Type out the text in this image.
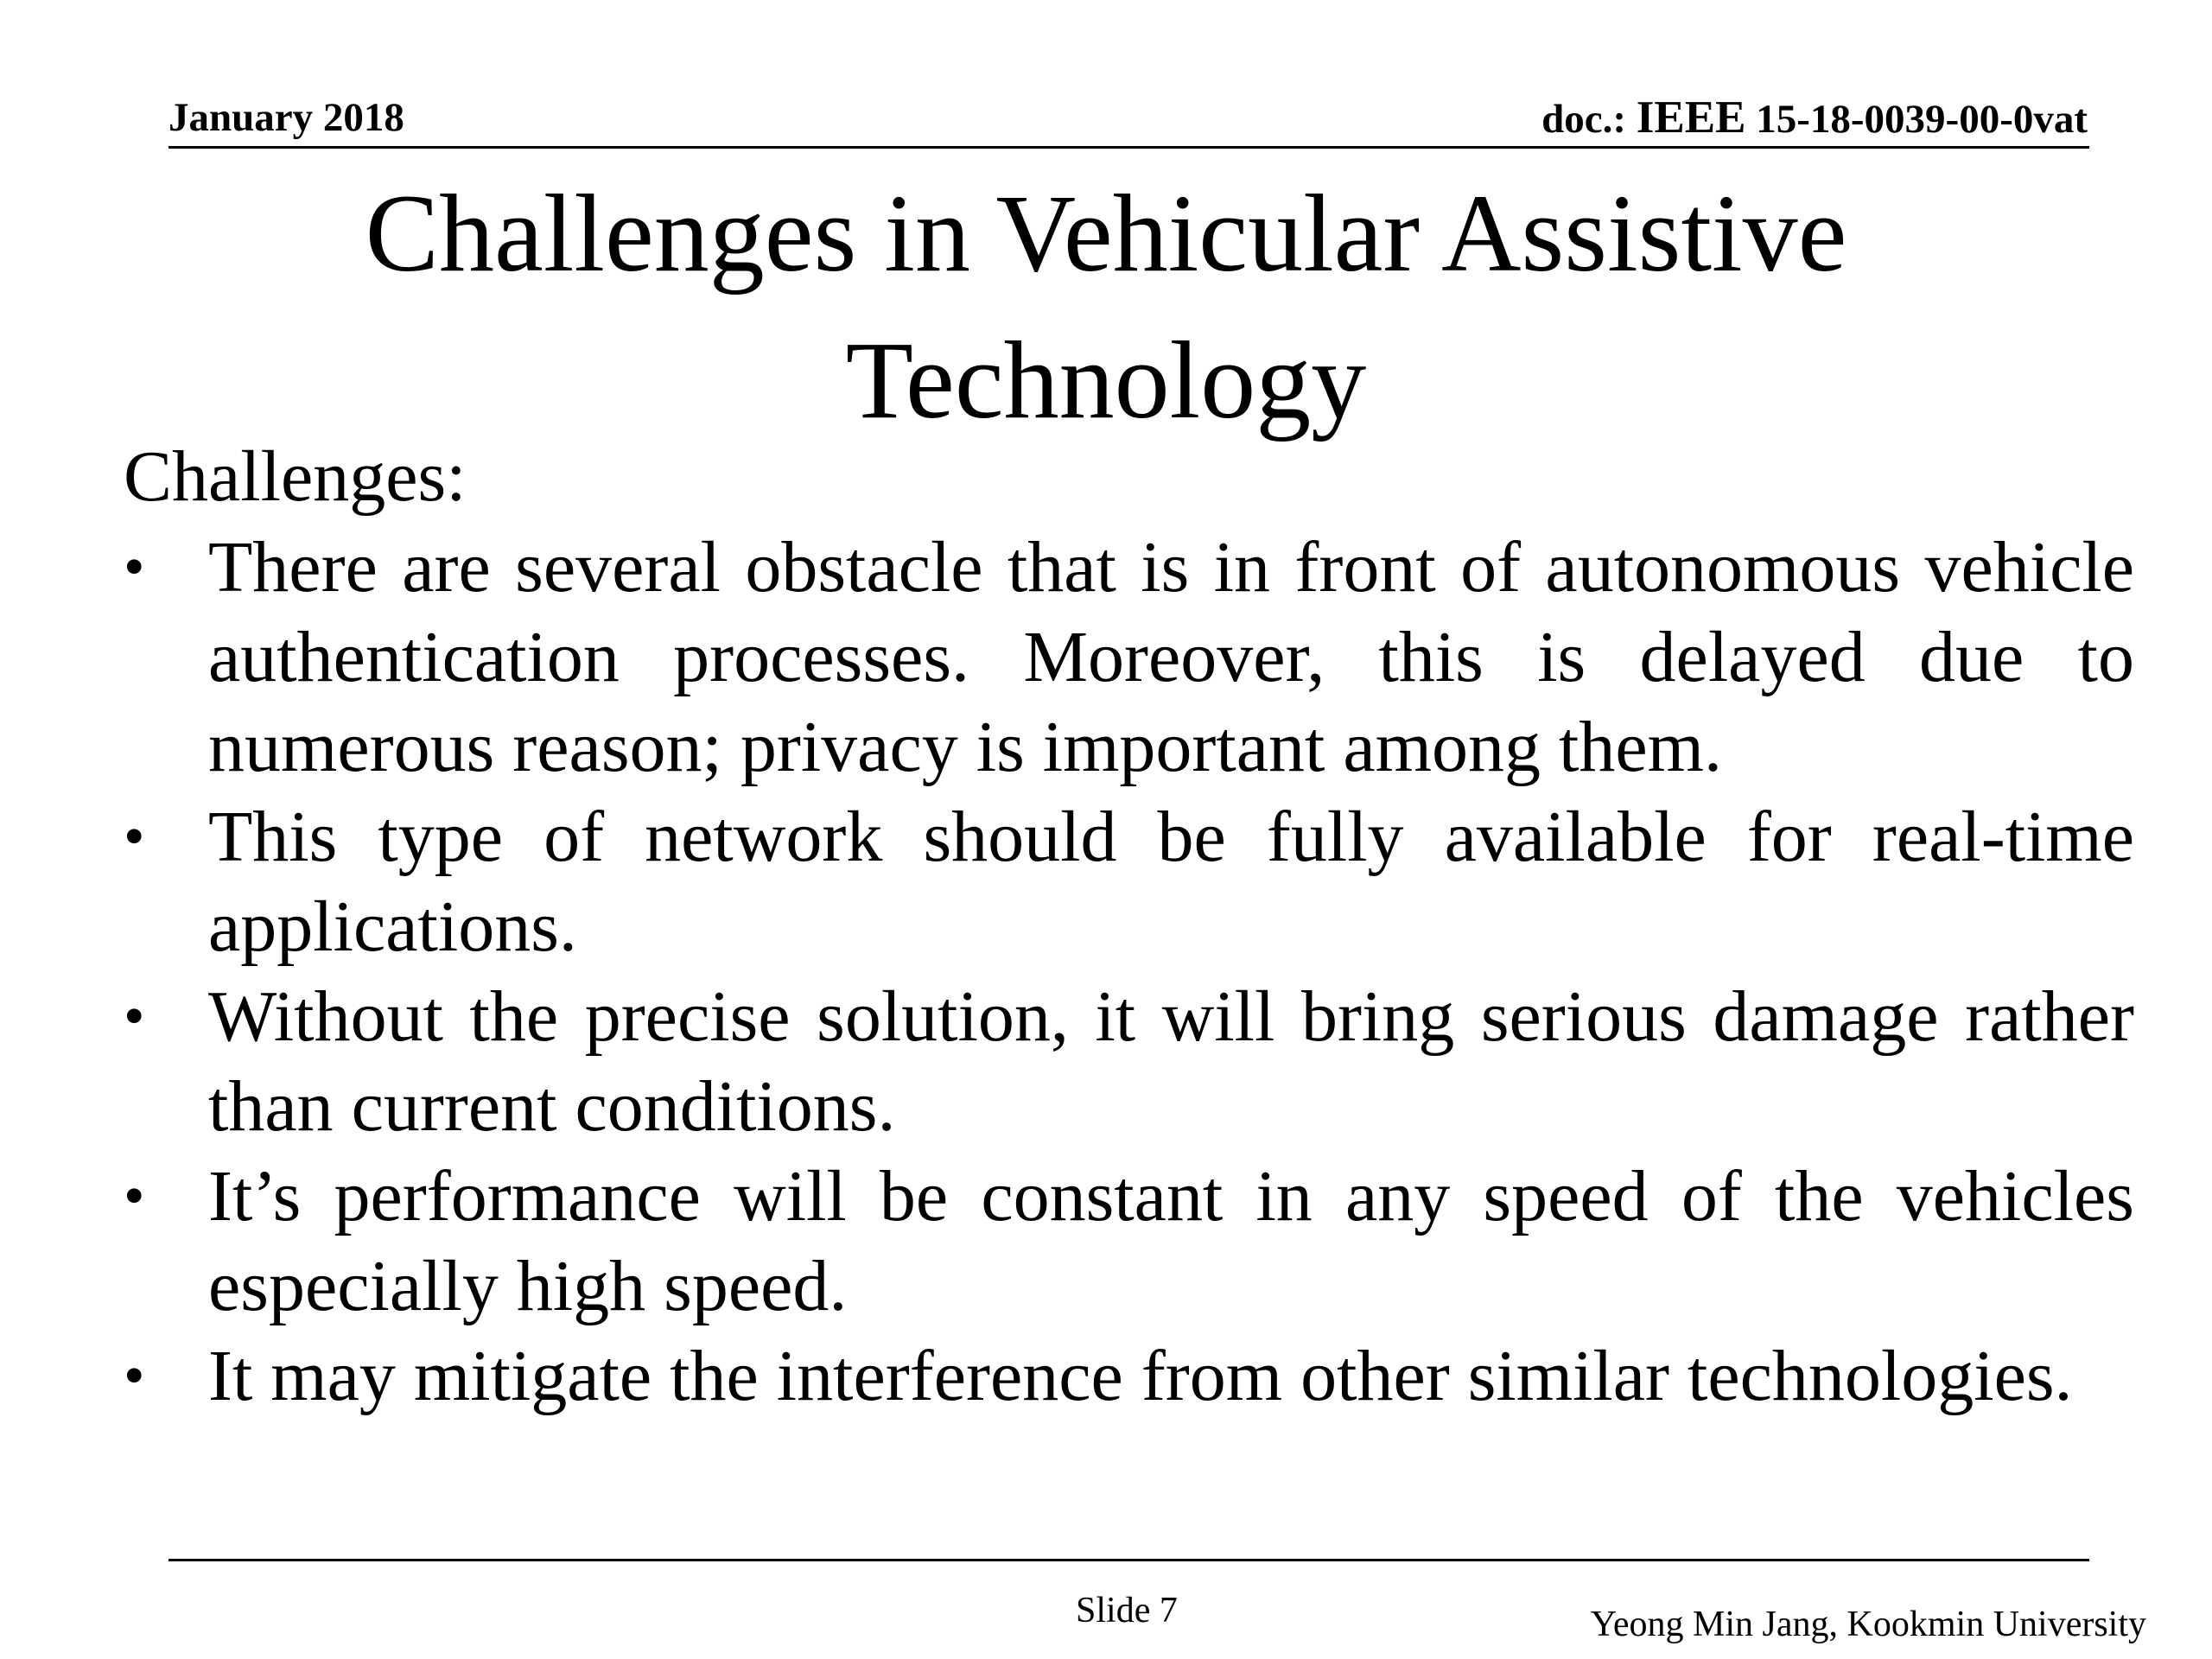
January 2018	doc.: IEEE 15-18-0039-00-0vat
Challenges in Vehicular Assistive
Technology
Challenges:
• There are several obstacle that is in front of autonomous vehicle authentication processes. Moreover, this is delayed due to numerous reason; privacy is important among them.
• This type of network should be fully available for real-time applications.
• Without the precise solution, it will bring serious damage rather than current conditions.
• It’s performance will be constant in any speed of the vehicles especially high speed.
• It may mitigate the interference from other similar technologies.
Slide 7	Yeong Min Jang, Kookmin University
